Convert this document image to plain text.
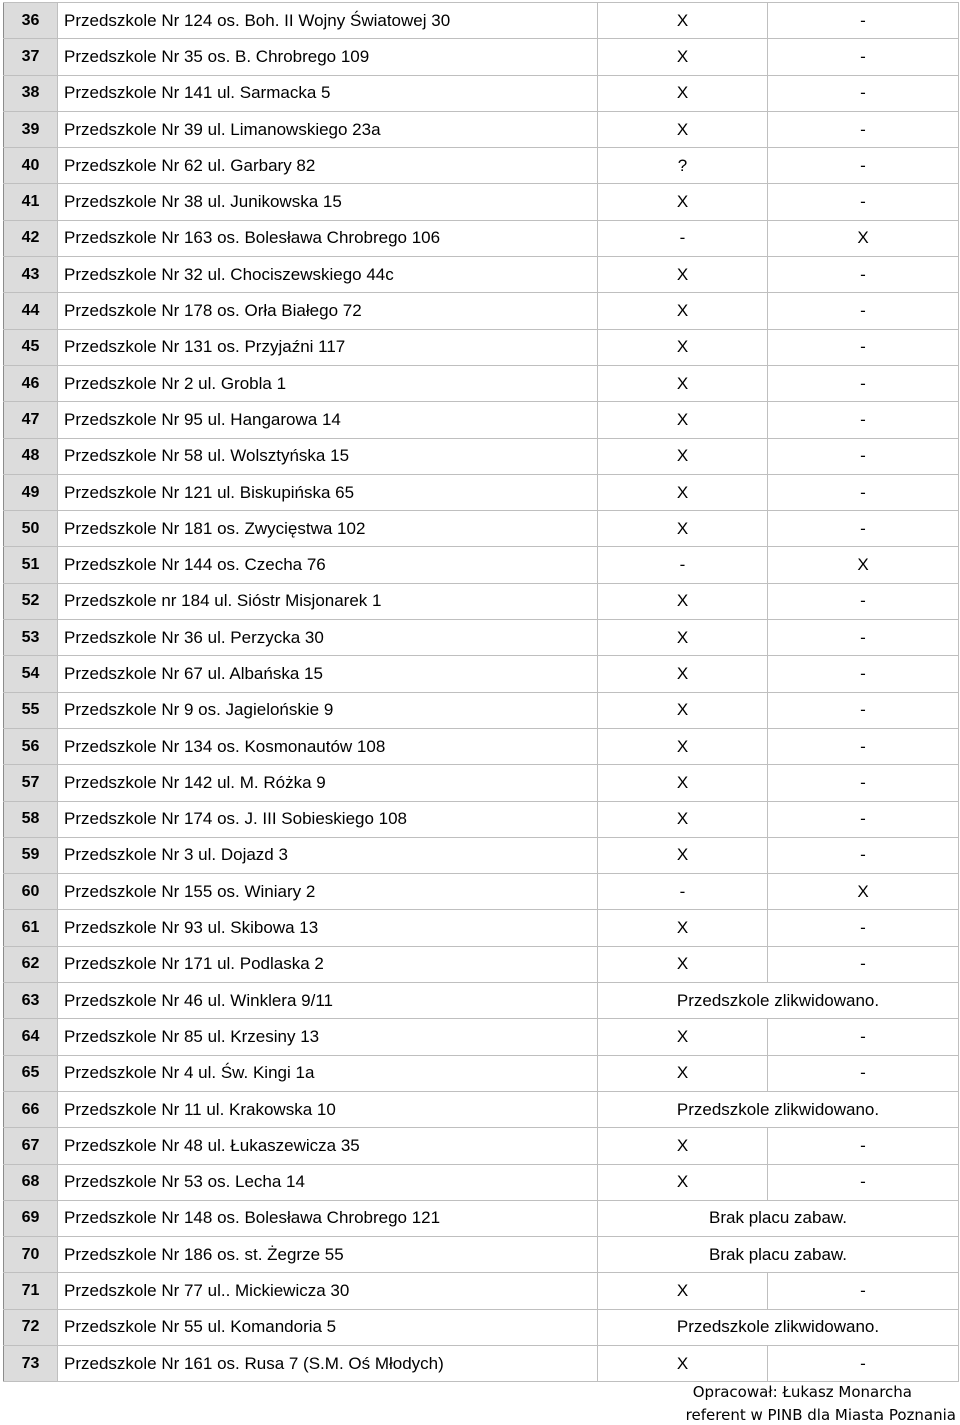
36	Przedszkole Nr 124 os. Boh. II Wojny Światowej 30	X	-
37	Przedszkole Nr 35 os. B. Chrobrego 109	X	-
38	Przedszkole Nr 141 ul. Sarmacka 5	X	-
39	Przedszkole Nr 39 ul. Limanowskiego 23a	X	-
40	Przedszkole Nr 62 ul. Garbary 82	?	-
41	Przedszkole Nr 38 ul. Junikowska 15	X	-
42	Przedszkole Nr 163 os. Bolesława Chrobrego 106	-	X
43	Przedszkole Nr 32 ul. Chociszewskiego 44c	X	-
44	Przedszkole Nr 178 os. Orła Białego 72	X	-
45	Przedszkole Nr 131 os. Przyjaźni 117	X	-
46	Przedszkole Nr 2 ul. Grobla 1	X	-
47	Przedszkole Nr 95 ul. Hangarowa 14	X	-
48	Przedszkole Nr 58 ul. Wolsztyńska 15	X	-
49	Przedszkole Nr 121 ul. Biskupińska 65	X	-
50	Przedszkole Nr 181 os. Zwycięstwa 102	X	-
51	Przedszkole Nr 144 os. Czecha 76	-	X
52	Przedszkole nr 184 ul. Sióstr Misjonarek 1	X	-
53	Przedszkole Nr 36 ul. Perzycka 30	X	-
54	Przedszkole Nr 67 ul. Albańska 15	X	-
55	Przedszkole Nr 9 os. Jagielońskie 9	X	-
56	Przedszkole Nr 134 os. Kosmonautów 108	X	-
57	Przedszkole Nr 142 ul. M. Różka 9	X	-
58	Przedszkole Nr 174 os. J. III Sobieskiego 108	X	-
59	Przedszkole Nr 3 ul. Dojazd 3	X	-
60	Przedszkole Nr 155 os. Winiary 2	-	X
61	Przedszkole Nr 93 ul. Skibowa 13	X	-
62	Przedszkole Nr 171 ul. Podlaska 2	X	-
63	Przedszkole Nr 46 ul. Winklera 9/11	Przedszkole zlikwidowano.	
64	Przedszkole Nr 85 ul. Krzesiny 13	X	-
65	Przedszkole Nr 4 ul. Św. Kingi 1a	X	-
66	Przedszkole Nr 11 ul. Krakowska 10	Przedszkole zlikwidowano.	
67	Przedszkole Nr 48 ul. Łukaszewicza 35	X	-
68	Przedszkole Nr 53 os. Lecha 14	X	-
69	Przedszkole Nr 148 os. Bolesława Chrobrego 121	Brak placu zabaw.	
70	Przedszkole Nr 186 os. st. Żegrze 55	Brak placu zabaw.	
71	Przedszkole Nr 77 ul.. Mickiewicza 30	X	-
72	Przedszkole Nr 55 ul. Komandoria 5	Przedszkole zlikwidowano.	
73	Przedszkole Nr 161 os. Rusa 7 (S.M. Oś Młodych)	X	-
Opracował: Łukasz Monarcha
referent w PINB dla Miasta Poznania
